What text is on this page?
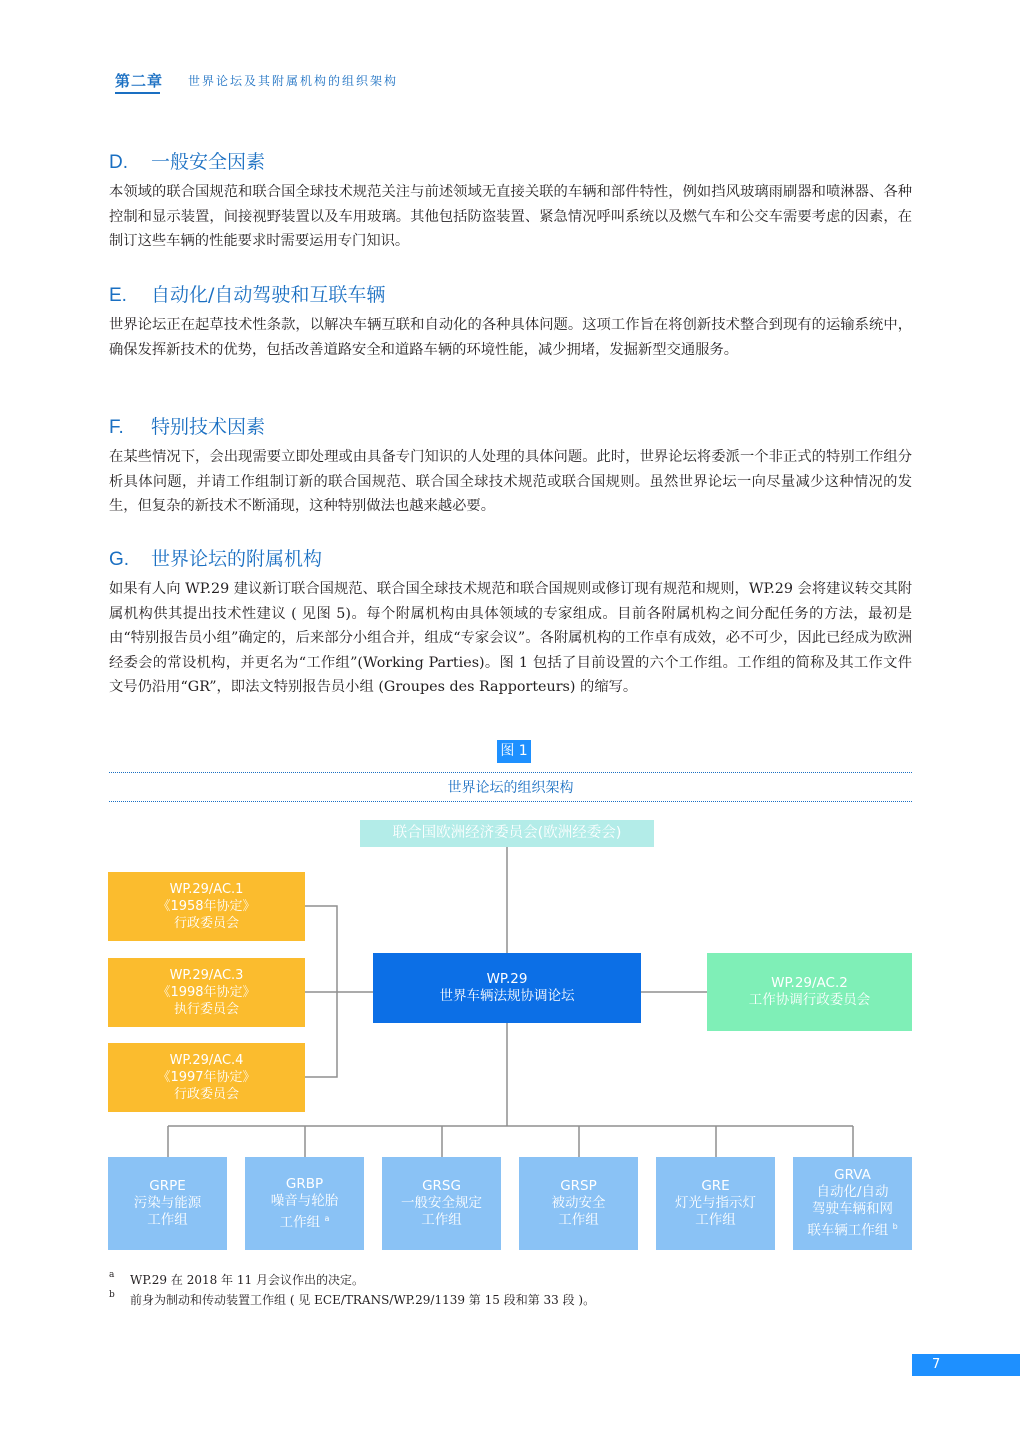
第二章 世界论坛及其附属机构的组织架构
D. 一般安全因素

本领域的联合国规范和联合国全球技术规范关注与前述领域无直接关联的车辆和部件特性，例如挡风玻璃雨刷器和喷淋器、各种控制和显示装置，间接视野装置以及车用玻璃。其他包括防盗装置、紧急情况呼叫系统以及燃气车和公交车需要考虑的因素，在制订这些车辆的性能要求时需要运用专门知识。

E. 自动化/自动驾驶和互联车辆

世界论坛正在起草技术性条款，以解决车辆互联和自动化的各种具体问题。这项工作旨在将创新技术整合到现有的运输系统中，确保发挥新技术的优势，包括改善道路安全和道路车辆的环境性能，减少拥堵，发掘新型交通服务。

F. 特别技术因素

在某些情况下，会出现需要立即处理或由具备专门知识的人处理的具体问题。此时，世界论坛将委派一个非正式的特别工作组分析具体问题，并请工作组制订新的联合国规范、联合国全球技术规范或联合国规则。虽然世界论坛一向尽量减少这种情况的发生，但复杂的新技术不断涌现，这种特别做法也越来越必要。

G. 世界论坛的附属机构

如果有人向 WP.29 建议新订联合国规范、联合国全球技术规范和联合国规则或修订现有规范和规则，WP.29 会将建议转交其附属机构供其提出技术性建议 ( 见图 5)。每个附属机构由具体领域的专家组成。目前各附属机构之间分配任务的方法，最初是由“特别报告员小组”确定的，后来部分小组合并，组成“专家会议”。各附属机构的工作卓有成效，必不可少，因此已经成为欧洲经委会的常设机构，并更名为“工作组”(Working Parties)。图 1 包括了目前设置的六个工作组。工作组的简称及其工作文件文号仍沿用“GR”，即法文特别报告员小组 (Groupes des Rapporteurs) 的缩写。

图 1
世界论坛的组织架构
联合国欧洲经济委员会(欧洲经委会)
WP.29/AC.1
《1958年协定》
行政委员会
WP.29/AC.3
《1998年协定》
执行委员会
WP.29/AC.4
《1997年协定》
行政委员会
WP.29
世界车辆法规协调论坛
WP.29/AC.2
工作协调行政委员会
GRPE
污染与能源
工作组
GRBP
噪音与轮胎
工作组 $^a$
GRSG
一般安全规定
工作组
GRSP
被动安全
工作组
GRE
灯光与指示灯
工作组
GRVA
自动化/自动
驾驶车辆和网
联车辆工作组 $^b$
a WP.29 在 2018 年 11 月会议作出的决定。
b 前身为制动和传动装置工作组 ( 见 ECE/TRANS/WP.29/1139 第 15 段和第 33 段 )。
7
